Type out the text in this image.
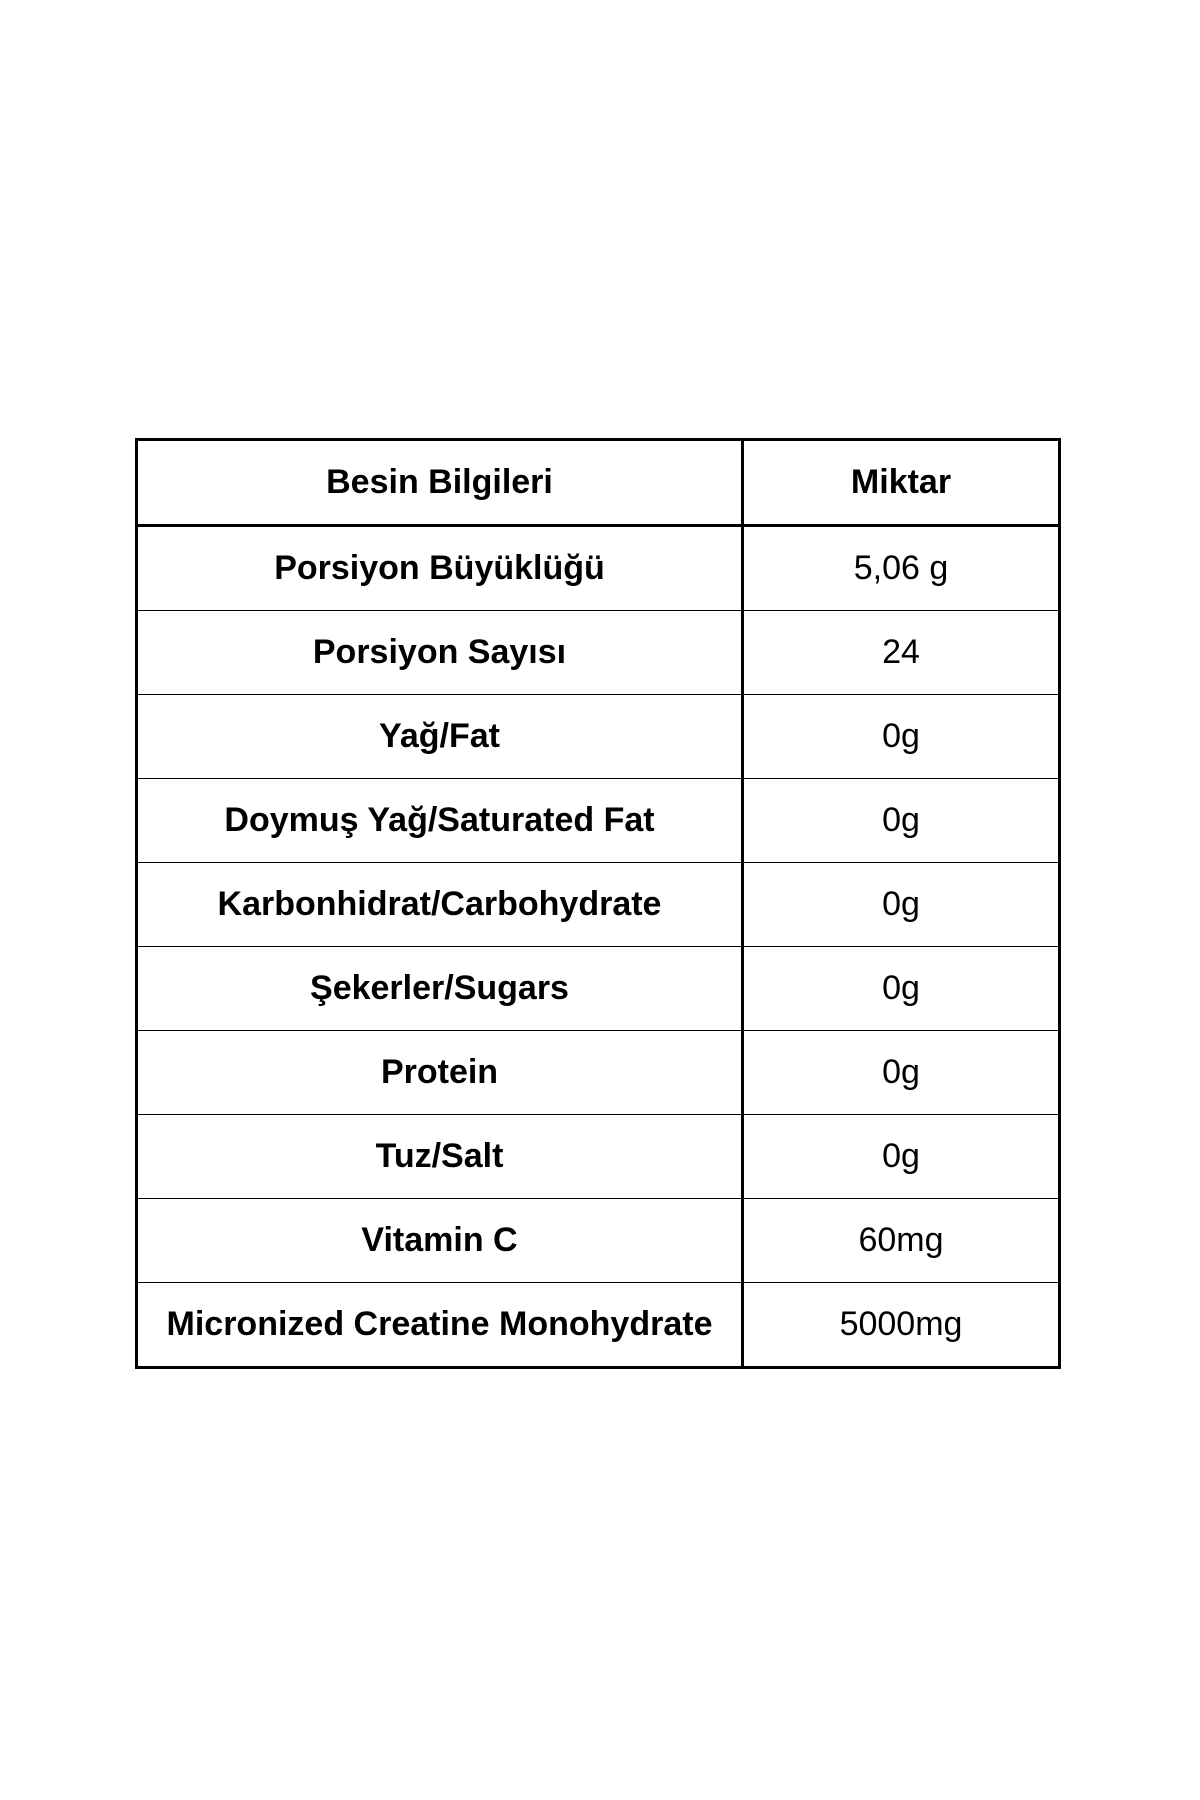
Besin Bilgileri	Miktar
Porsiyon Büyüklüğü	5,06 g
Porsiyon Sayısı	24
Yağ/Fat	0g
Doymuş Yağ/Saturated Fat	0g
Karbonhidrat/Carbohydrate	0g
Şekerler/Sugars	0g
Protein	0g
Tuz/Salt	0g
Vitamin C	60mg
Micronized Creatine Monohydrate	5000mg
